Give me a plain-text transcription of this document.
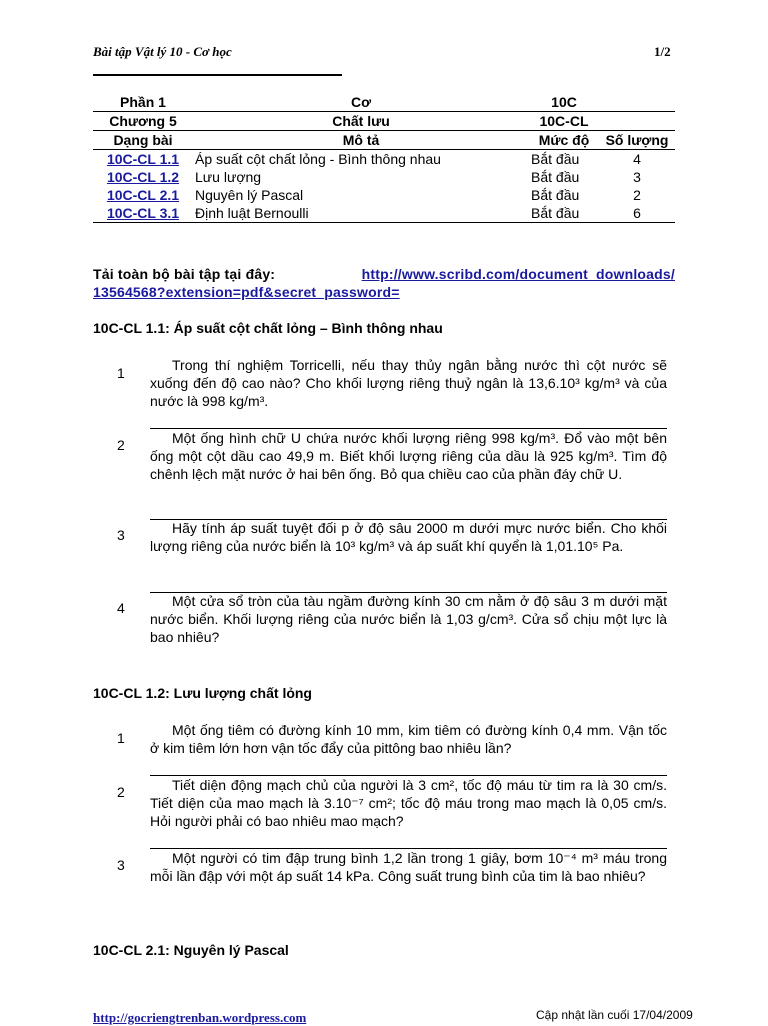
Bài tập Vật lý 10 - Cơ học	1/2
Phần 1	Cơ	10C	
Chương 5	Chất lưu	10C-CL	
Dạng bài	Mô tả	Mức độ	Số lượng
10C-CL 1.1	Áp suất cột chất lỏng - Bình thông nhau	Bắt đầu	4
10C-CL 1.2	Lưu lượng	Bắt đầu	3
10C-CL 2.1	Nguyên lý Pascal	Bắt đầu	2
10C-CL 3.1	Định luật Bernoulli	Bắt đầu	6
Tải toàn bộ bài tập tại đây:	http://www.scribd.com/document_downloads/
13564568?extension=pdf&secret_password=
10C-CL 1.1: Áp suất cột chất lỏng – Bình thông nhau
1	Trong thí nghiệm Torricelli, nếu thay thủy ngân bằng nước thì cột nước sẽ xuống đến độ cao nào? Cho khối lượng riêng thuỷ ngân là 13,6.10³ kg/m³ và của nước là 998 kg/m³.
2	Một ống hình chữ U chứa nước khối lượng riêng 998 kg/m³. Đổ vào một bên ống một cột dầu cao 49,9 m. Biết khối lượng riêng của dầu là 925 kg/m³. Tìm độ chênh lệch mặt nước ở hai bên ống. Bỏ qua chiều cao của phần đáy chữ U.
3	Hãy tính áp suất tuyệt đối p ở độ sâu 2000 m dưới mực nước biển. Cho khối lượng riêng của nước biển là 10³ kg/m³ và áp suất khí quyển là 1,01.10⁵ Pa.
4	Một cửa sổ tròn của tàu ngầm đường kính 30 cm nằm ở độ sâu 3 m dưới mặt nước biển. Khối lượng riêng của nước biển là 1,03 g/cm³. Cửa sổ chịu một lực là bao nhiêu?
10C-CL 1.2: Lưu lượng chất lỏng
1	Một ống tiêm có đường kính 10 mm, kim tiêm có đường kính 0,4 mm. Vận tốc ở kim tiêm lớn hơn vận tốc đẩy của pittông bao nhiêu lần?
2	Tiết diện động mạch chủ của người là 3 cm², tốc độ máu từ tim ra là 30 cm/s. Tiết diện của mao mạch là 3.10⁻⁷ cm²; tốc độ máu trong mao mạch là 0,05 cm/s. Hỏi người phải có bao nhiêu mao mạch?
3	Một người có tim đập trung bình 1,2 lần trong 1 giây, bơm 10⁻⁴ m³ máu trong mỗi lần đập với một áp suất 14 kPa. Công suất trung bình của tim là bao nhiêu?
10C-CL 2.1: Nguyên lý Pascal
http://gocriengtrenban.wordpress.com	Cập nhật lần cuối 17/04/2009
